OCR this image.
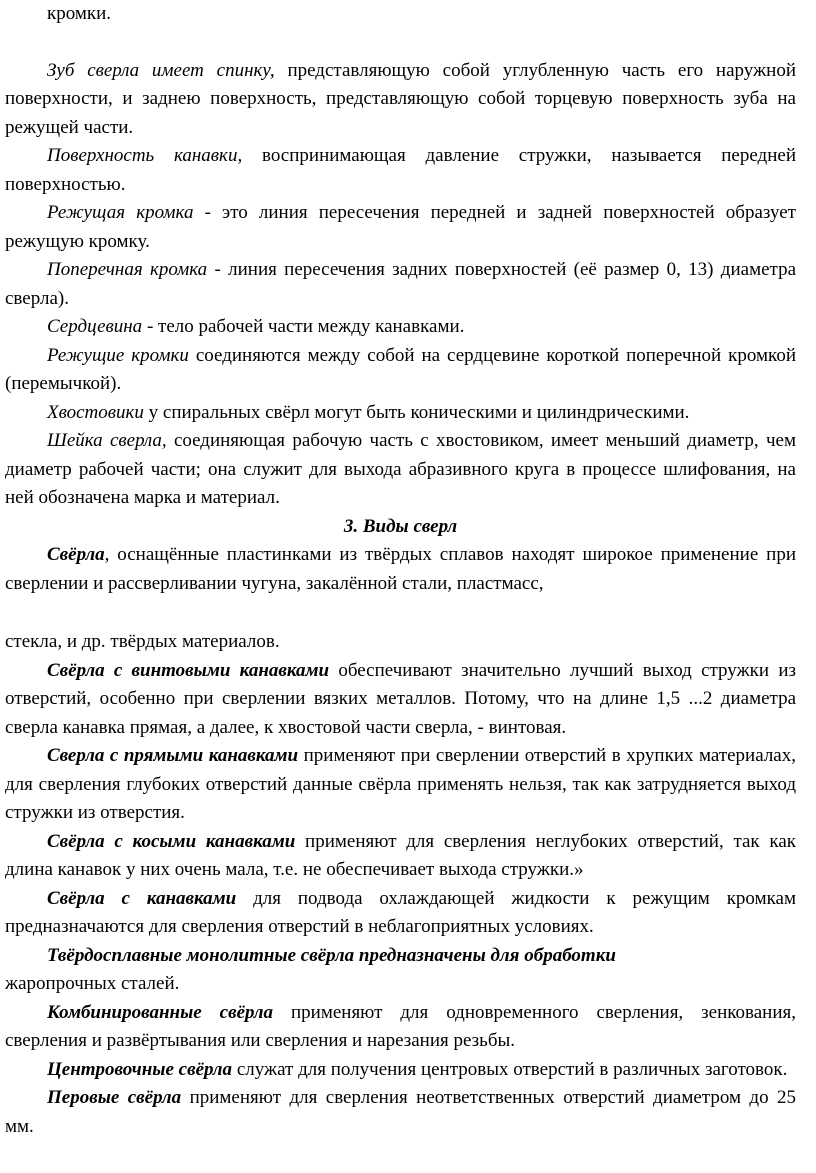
кромки.

Зуб сверла имеет спинку, представляющую собой углубленную часть его наружной поверхности, и заднею поверхность, представляющую собой торцевую поверхность зуба на режущей части.

Поверхность канавки, воспринимающая давление стружки, называется передней поверхностью.

Режущая кромка - это линия пересечения передней и задней поверхностей образует режущую кромку.

Поперечная кромка - линия пересечения задних поверхностей (её размер 0, 13) диаметра сверла).

Сердцевина - тело рабочей части между канавками.

Режущие кромки соединяются между собой на сердцевине короткой поперечной кромкой (перемычкой).

Хвостовики у спиральных свёрл могут быть коническими и цилиндрическими.

Шейка сверла, соединяющая рабочую часть с хвостовиком, имеет меньший диаметр, чем диаметр рабочей части; она служит для выхода абразивного круга в процессе шлифования, на ней обозначена марка и материал.

3. Виды сверл

Свёрла, оснащённые пластинками из твёрдых сплавов находят широкое применение при сверлении и рассверливании чугуна, закалённой стали, пластмасс,

стекла, и др. твёрдых материалов.

Свёрла с винтовыми канавками обеспечивают значительно лучший выход стружки из отверстий, особенно при сверлении вязких металлов. Потому, что на длине 1,5 ...2 диаметра сверла канавка прямая, а далее, к хвостовой части сверла, - винтовая.

Сверла с прямыми канавками применяют при сверлении отверстий в хрупких материалах, для сверления глубоких отверстий данные свёрла применять нельзя, так как затрудняется выход стружки из отверстия.

Свёрла с косыми канавками применяют для сверления неглубоких отверстий, так как длина канавок у них очень мала, т.е. не обеспечивает выхода стружки.»

Свёрла с канавками для подвода охлаждающей жидкости к режущим кромкам предназначаются для сверления отверстий в неблагоприятных условиях.

Твёрдосплавные монолитные свёрла предназначены для обработки
жаропрочных сталей.

Комбинированные свёрла применяют для одновременного сверления, зенкования, сверления и развёртывания или сверления и нарезания резьбы.

Центровочные свёрла служат для получения центровых отверстий в различных заготовок.

Перовые свёрла применяют для сверления неответственных отверстий диаметром до 25 мм.
